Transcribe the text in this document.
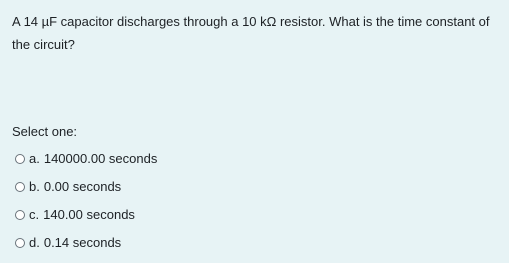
A 14 µF capacitor discharges through a 10 kΩ resistor. What is the time constant of the circuit?

Select one:

a. 140000.00 seconds
b. 0.00 seconds
c. 140.00 seconds
d. 0.14 seconds
